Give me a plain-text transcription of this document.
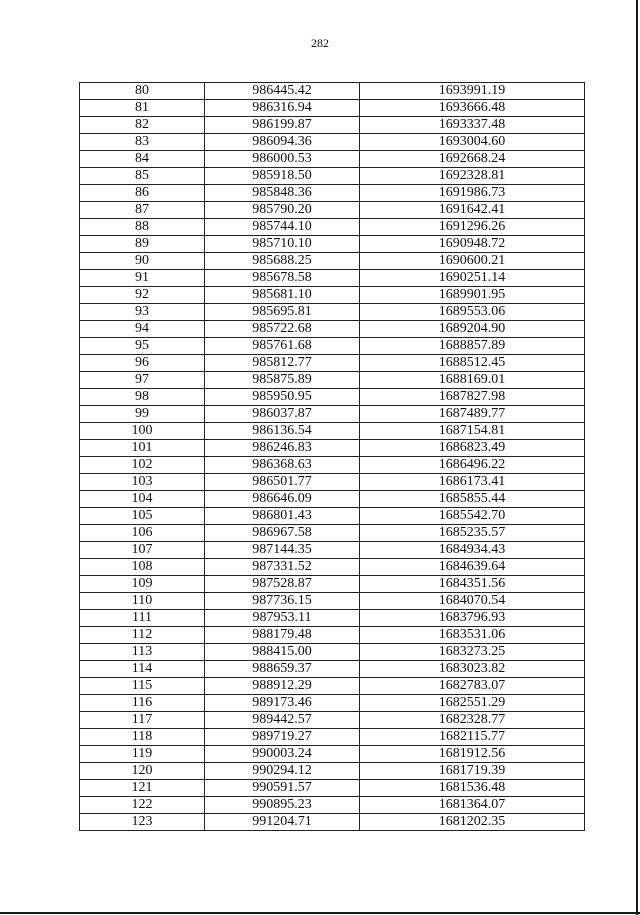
282
80	986445.42	1693991.19
81	986316.94	1693666.48
82	986199.87	1693337.48
83	986094.36	1693004.60
84	986000.53	1692668.24
85	985918.50	1692328.81
86	985848.36	1691986.73
87	985790.20	1691642.41
88	985744.10	1691296.26
89	985710.10	1690948.72
90	985688.25	1690600.21
91	985678.58	1690251.14
92	985681.10	1689901.95
93	985695.81	1689553.06
94	985722.68	1689204.90
95	985761.68	1688857.89
96	985812.77	1688512.45
97	985875.89	1688169.01
98	985950.95	1687827.98
99	986037.87	1687489.77
100	986136.54	1687154.81
101	986246.83	1686823.49
102	986368.63	1686496.22
103	986501.77	1686173.41
104	986646.09	1685855.44
105	986801.43	1685542.70
106	986967.58	1685235.57
107	987144.35	1684934.43
108	987331.52	1684639.64
109	987528.87	1684351.56
110	987736.15	1684070.54
111	987953.11	1683796.93
112	988179.48	1683531.06
113	988415.00	1683273.25
114	988659.37	1683023.82
115	988912.29	1682783.07
116	989173.46	1682551.29
117	989442.57	1682328.77
118	989719.27	1682115.77
119	990003.24	1681912.56
120	990294.12	1681719.39
121	990591.57	1681536.48
122	990895.23	1681364.07
123	991204.71	1681202.35
